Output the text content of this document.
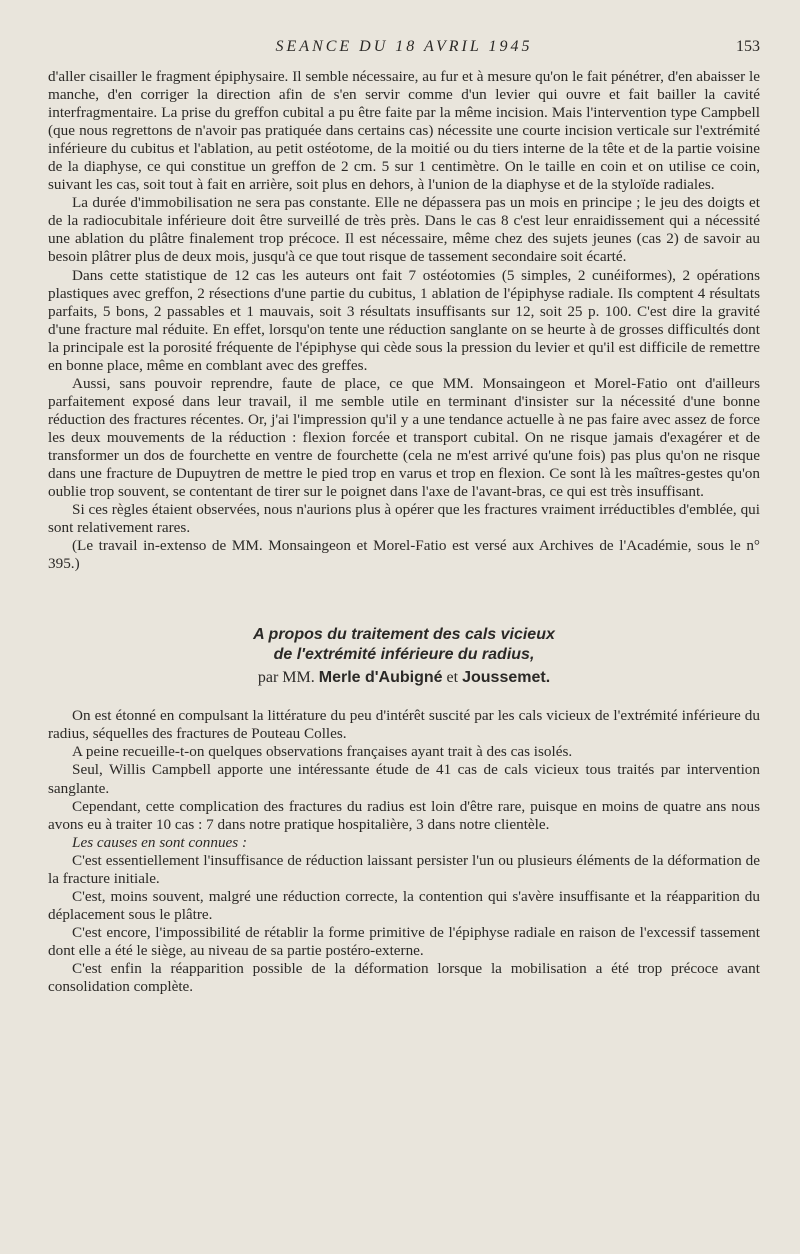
SEANCE DU 18 AVRIL 1945	153

d'aller cisailler le fragment épiphysaire. Il semble nécessaire, au fur et à mesure qu'on le fait pénétrer, d'en abaisser le manche, d'en corriger la direction afin de s'en servir comme d'un levier qui ouvre et fait bailler la cavité interfragmentaire. La prise du greffon cubital a pu être faite par la même incision. Mais l'intervention type Campbell (que nous regrettons de n'avoir pas pratiquée dans certains cas) nécessite une courte incision verticale sur l'extrémité inférieure du cubitus et l'ablation, au petit ostéotome, de la moitié ou du tiers interne de la tête et de la partie voisine de la diaphyse, ce qui constitue un greffon de 2 cm. 5 sur 1 centimètre. On le taille en coin et on utilise ce coin, suivant les cas, soit tout à fait en arrière, soit plus en dehors, à l'union de la diaphyse et de la styloïde radiales.

La durée d'immobilisation ne sera pas constante. Elle ne dépassera pas un mois en principe ; le jeu des doigts et de la radiocubitale inférieure doit être surveillé de très près. Dans le cas 8 c'est leur enraidissement qui a nécessité une ablation du plâtre finalement trop précoce. Il est nécessaire, même chez des sujets jeunes (cas 2) de savoir au besoin plâtrer plus de deux mois, jusqu'à ce que tout risque de tassement secondaire soit écarté.

Dans cette statistique de 12 cas les auteurs ont fait 7 ostéotomies (5 simples, 2 cunéiformes), 2 opérations plastiques avec greffon, 2 résections d'une partie du cubitus, 1 ablation de l'épiphyse radiale. Ils comptent 4 résultats parfaits, 5 bons, 2 passables et 1 mauvais, soit 3 résultats insuffisants sur 12, soit 25 p. 100. C'est dire la gravité d'une fracture mal réduite. En effet, lorsqu'on tente une réduction sanglante on se heurte à de grosses difficultés dont la principale est la porosité fréquente de l'épiphyse qui cède sous la pression du levier et qu'il est difficile de remettre en bonne place, même en comblant avec des greffes.

Aussi, sans pouvoir reprendre, faute de place, ce que MM. Monsaingeon et Morel-Fatio ont d'ailleurs parfaitement exposé dans leur travail, il me semble utile en terminant d'insister sur la nécessité d'une bonne réduction des fractures récentes. Or, j'ai l'impression qu'il y a une tendance actuelle à ne pas faire avec assez de force les deux mouvements de la réduction : flexion forcée et transport cubital. On ne risque jamais d'exagérer et de transformer un dos de fourchette en ventre de fourchette (cela ne m'est arrivé qu'une fois) pas plus qu'on ne risque dans une fracture de Dupuytren de mettre le pied trop en varus et trop en flexion. Ce sont là les maîtres-gestes qu'on oublie trop souvent, se contentant de tirer sur le poignet dans l'axe de l'avant-bras, ce qui est très insuffisant.

Si ces règles étaient observées, nous n'aurions plus à opérer que les fractures vraiment irréductibles d'emblée, qui sont relativement rares.

(Le travail in-extenso de MM. Monsaingeon et Morel-Fatio est versé aux Archives de l'Académie, sous le n° 395.)

A propos du traitement des cals vicieux
de l'extrémité inférieure du radius,
par MM. Merle d'Aubigné et Joussemet.

On est étonné en compulsant la littérature du peu d'intérêt suscité par les cals vicieux de l'extrémité inférieure du radius, séquelles des fractures de Pouteau Colles.

A peine recueille-t-on quelques observations françaises ayant trait à des cas isolés.

Seul, Willis Campbell apporte une intéressante étude de 41 cas de cals vicieux tous traités par intervention sanglante.

Cependant, cette complication des fractures du radius est loin d'être rare, puisque en moins de quatre ans nous avons eu à traiter 10 cas : 7 dans notre pratique hospitalière, 3 dans notre clientèle.

Les causes en sont connues :

C'est essentiellement l'insuffisance de réduction laissant persister l'un ou plusieurs éléments de la déformation de la fracture initiale.

C'est, moins souvent, malgré une réduction correcte, la contention qui s'avère insuffisante et la réapparition du déplacement sous le plâtre.

C'est encore, l'impossibilité de rétablir la forme primitive de l'épiphyse radiale en raison de l'excessif tassement dont elle a été le siège, au niveau de sa partie postéro-externe.

C'est enfin la réapparition possible de la déformation lorsque la mobilisation a été trop précoce avant consolidation complète.
